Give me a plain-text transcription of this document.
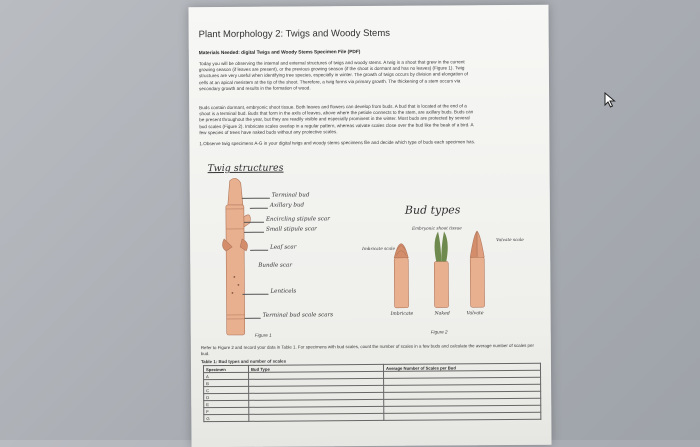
Plant Morphology 2: Twigs and Woody Stems
Materials Needed: digital Twigs and Woody Stems Specimen File (PDF)
Today you will be observing the internal and external structures of twigs and woody stems. A twig is a shoot that grew in the current
growing season (if leaves are present), or the previous growing season (if the shoot is dormant and has no leaves) (Figure 1). Twig
structures are very useful when identifying tree species, especially in winter. The growth of twigs occurs by division and elongation of
cells at an apical meristem at the tip of the shoot. Therefore, a twig forms via primary growth. The thickening of a stem occurs via
secondary growth and results in the formation of wood.
Buds contain dormant, embryonic shoot tissue. Both leaves and flowers can develop from buds. A bud that is located at the end of a
shoot is a terminal bud. Buds that form in the axils of leaves, above where the petiole connects to the stem, are axillary buds. Buds can
be present throughout the year, but they are readily visible and especially prominent in the winter. Most buds are protected by several
bud scales (Figure 2). Imbricate scales overlap in a regular pattern, whereas valvate scales close over the bud like the beak of a bird. A
few species of trees have naked buds without any protective scales.
1.Observe twig specimens A-G in your digital twigs and woody stems specimens file and decide which type of buds each specimen has.
Twig structures
Terminal bud
Axillary bud
Encircling stipule scar
Small stipule scar
Leaf scar
Bundle scar
Lenticels
Terminal bud scale scars
Figure 1
Bud types
Embryonic shoot tissue
Imbricate scale
Valvate scale
Imbricate	Naked	Valvate
Figure 2
Refer to Figure 2 and record your data in Table 1. For specimens with bud scales, count the number of scales in a few buds and calculate the average number of scales per bud.
Table 1: Bud types and number of scales
Specimen	Bud Type	Average Number of Scales per Bud
A		
B		
C		
D		
E		
F		
G		
